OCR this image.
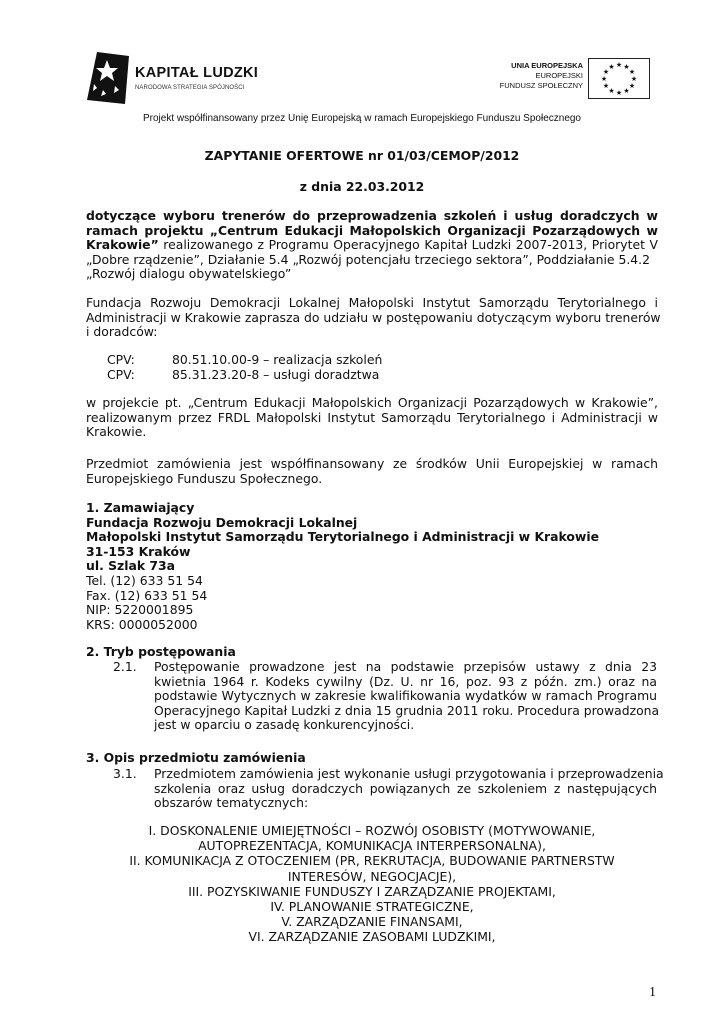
KAPITAŁ LUDZKI
NARODOWA STRATEGIA SPÓJNOŚCI
UNIA EUROPEJSKA
EUROPEJSKI
FUNDUSZ SPOŁECZNY
★ ★
★
★
★
★
★
★
★
★
★
★
Projekt współfinansowany przez Unię Europejską w ramach Europejskiego Funduszu Społecznego
ZAPYTANIE OFERTOWE nr 01/03/CEMOP/2012
z dnia 22.03.2012
dotyczące wyboru trenerów do przeprowadzenia szkoleń i usług doradczych w
ramach projektu „Centrum Edukacji Małopolskich Organizacji Pozarządowych w
Krakowie” realizowanego z Programu Operacyjnego Kapitał Ludzki 2007-2013, Priorytet V
„Dobre rządzenie”, Działanie 5.4 „Rozwój potencjału trzeciego sektora”, Poddziałanie 5.4.2
„Rozwój dialogu obywatelskiego”
Fundacja Rozwoju Demokracji Lokalnej Małopolski Instytut Samorządu Terytorialnego i
Administracji w Krakowie zaprasza do udziału w postępowaniu dotyczącym wyboru trenerów
i doradców:
CPV:	80.51.10.00-9 – realizacja szkoleń
CPV:	85.31.23.20-8 – usługi doradztwa
w projekcie pt. „Centrum Edukacji Małopolskich Organizacji Pozarządowych w Krakowie”,
realizowanym przez FRDL Małopolski Instytut Samorządu Terytorialnego i Administracji w
Krakowie.
Przedmiot zamówienia jest współfinansowany ze środków Unii Europejskiej w ramach
Europejskiego Funduszu Społecznego.
1. Zamawiający
Fundacja Rozwoju Demokracji Lokalnej
Małopolski Instytut Samorządu Terytorialnego i Administracji w Krakowie
31-153 Kraków
ul. Szlak 73a
Tel. (12) 633 51 54
Fax. (12) 633 51 54
NIP: 5220001895
KRS: 0000052000
2. Tryb postępowania
2.1. Postępowanie prowadzone jest na podstawie przepisów ustawy z dnia 23
kwietnia 1964 r. Kodeks cywilny (Dz. U. nr 16, poz. 93 z późn. zm.) oraz na
podstawie Wytycznych w zakresie kwalifikowania wydatków w ramach Programu
Operacyjnego Kapitał Ludzki z dnia 15 grudnia 2011 roku. Procedura prowadzona
jest w oparciu o zasadę konkurencyjności.
3. Opis przedmiotu zamówienia
3.1. Przedmiotem zamówienia jest wykonanie usługi przygotowania i przeprowadzenia
szkolenia oraz usług doradczych powiązanych ze szkoleniem z następujących
obszarów tematycznych:
I. DOSKONALENIE UMIEJĘTNOŚCI – ROZWÓJ OSOBISTY (MOTYWOWANIE,
AUTOPREZENTACJA, KOMUNIKACJA INTERPERSONALNA),
II. KOMUNIKACJA Z OTOCZENIEM (PR, REKRUTACJA, BUDOWANIE PARTNERSTW
INTERESÓW, NEGOCJACJE),
III. POZYSKIWANIE FUNDUSZY I ZARZĄDZANIE PROJEKTAMI,
IV. PLANOWANIE STRATEGICZNE,
V. ZARZĄDZANIE FINANSAMI,
VI. ZARZĄDZANIE ZASOBAMI LUDZKIMI,
1
